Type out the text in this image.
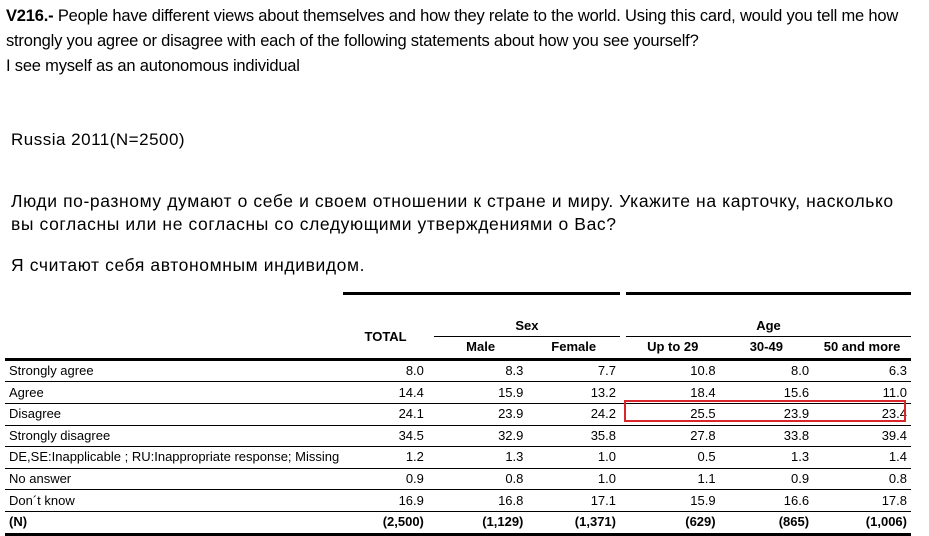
V216.- People have different views about themselves and how they relate to the world. Using this card, would you tell me how strongly you agree or disagree with each of the following statements about how you see yourself?
I see myself as an autonomous individual
Russia 2011(N=2500)
Люди по-разному думают о себе и своем отношении к стране и миру. Укажите на карточку, насколько вы согласны или не согласны со следующими утверждениями о Вас?
Я считают себя автономным индивидом.

	TOTAL		Sex			Age		
			Male	Female		Up to 29	30-49	50 and more
Strongly agree	8.0		8.3	7.7		10.8	8.0	6.3
Agree	14.4		15.9	13.2		18.4	15.6	11.0
Disagree	24.1		23.9	24.2		25.5	23.9	23.4
Strongly disagree	34.5		32.9	35.8		27.8	33.8	39.4
DE,SE:Inapplicable ; RU:Inappropriate response; Missing	1.2		1.3	1.0		0.5	1.3	1.4
No answer	0.9		0.8	1.0		1.1	0.9	0.8
Don´t know	16.9		16.8	17.1		15.9	16.6	17.8
(N)	(2,500)		(1,129)	(1,371)		(629)	(865)	(1,006)
